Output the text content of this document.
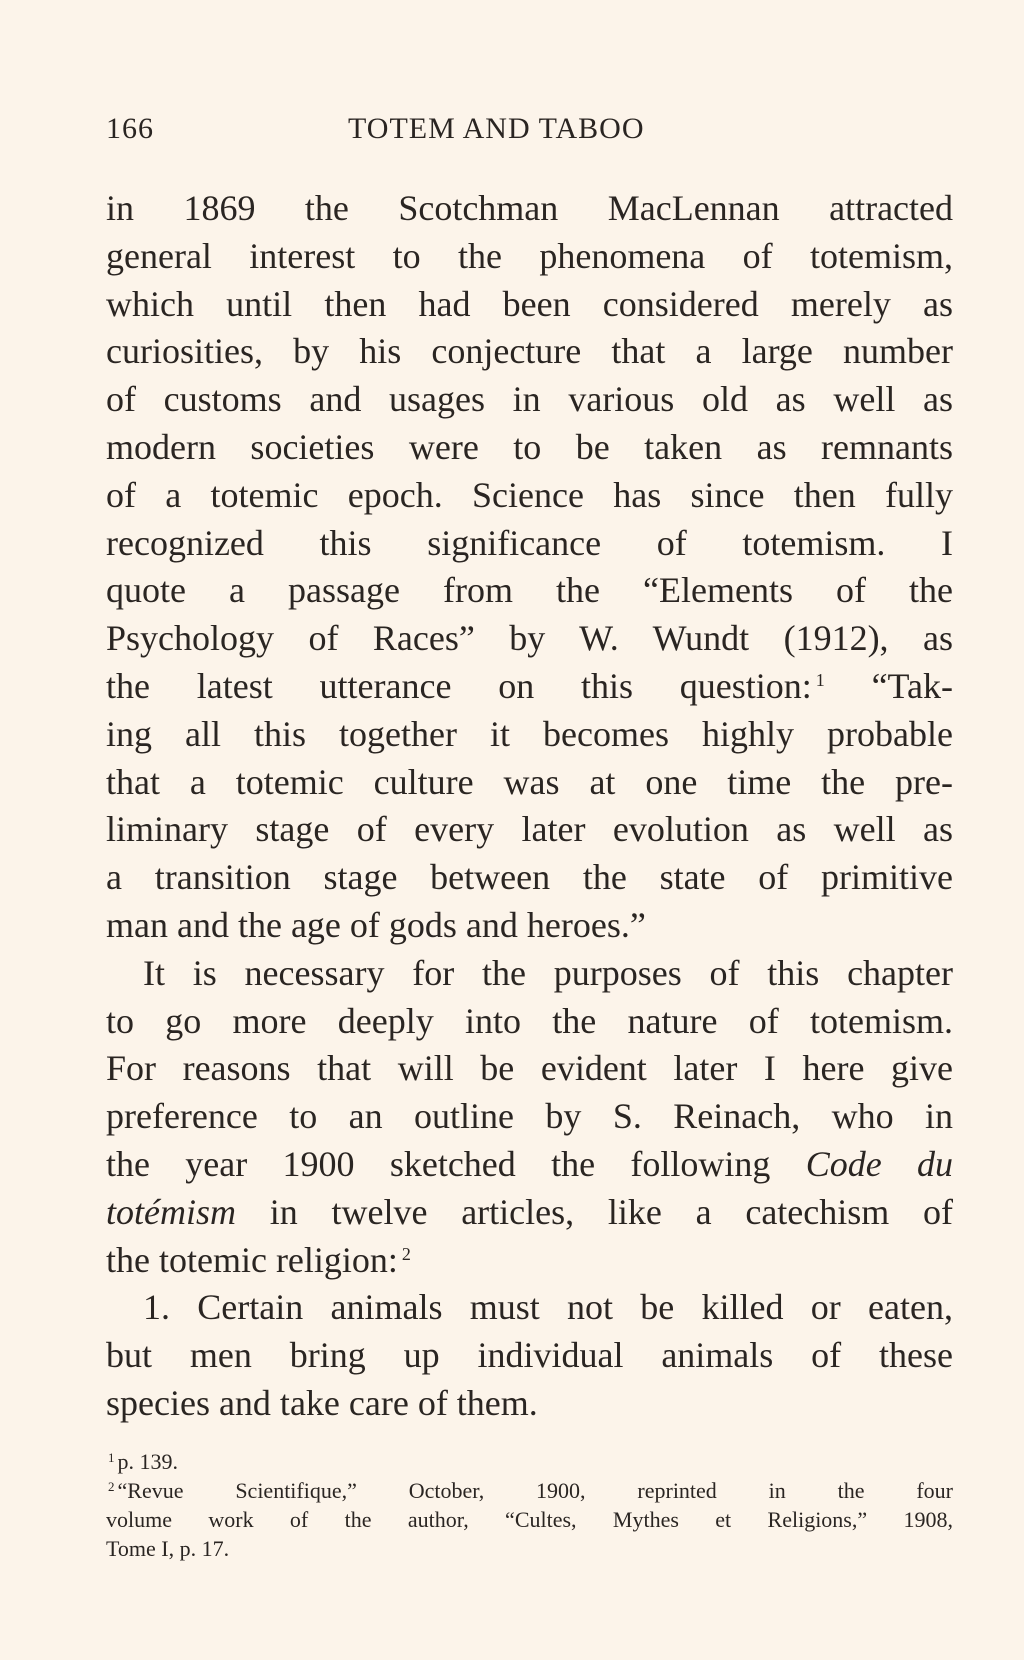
166	TOTEM AND TABOO
in 1869 the Scotchman MacLennan attracted
general interest to the phenomena of totemism,
which until then had been considered merely as
curiosities, by his conjecture that a large number
of customs and usages in various old as well as
modern societies were to be taken as remnants
of a totemic epoch. Science has since then fully
recognized this significance of totemism. I
quote a passage from the “Elements of the
Psychology of Races” by W. Wundt (1912), as
the latest utterance on this question: $^1$ “Tak-
ing all this together it becomes highly probable
that a totemic culture was at one time the pre-
liminary stage of every later evolution as well as
a transition stage between the state of primitive
man and the age of gods and heroes.”
It is necessary for the purposes of this chapter
to go more deeply into the nature of totemism.
For reasons that will be evident later I here give
preference to an outline by S. Reinach, who in
the year 1900 sketched the following Code du
totémism in twelve articles, like a catechism of
the totemic religion: $^2$
1. Certain animals must not be killed or eaten,
but men bring up individual animals of these
species and take care of them.
$^1$ p. 139.
$^2$ “Revue Scientifique,” October, 1900, reprinted in the four
volume work of the author, “Cultes, Mythes et Religions,” 1908,
Tome I, p. 17.
